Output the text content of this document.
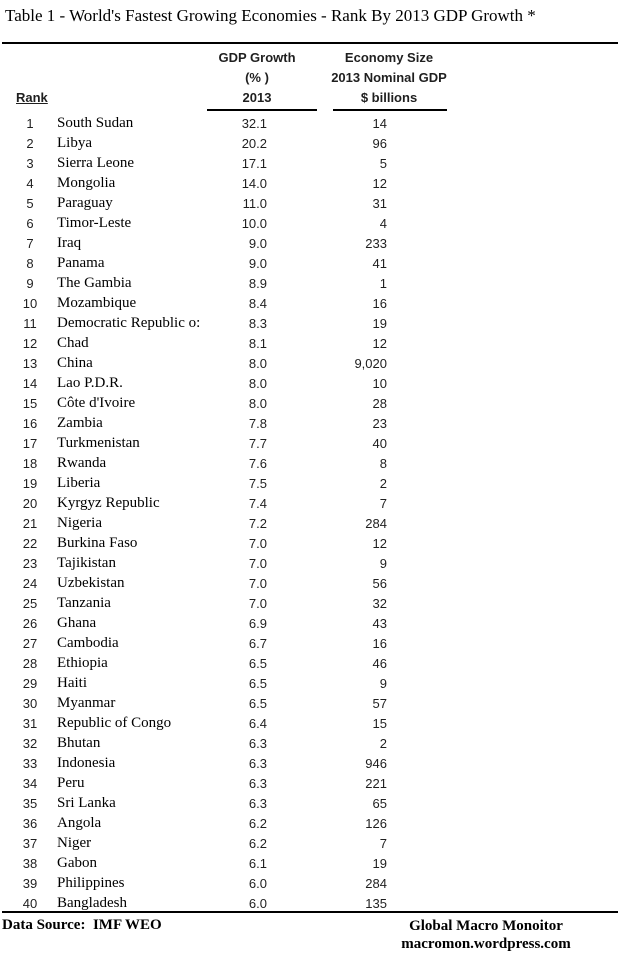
Table 1 - World's Fastest Growing Economies - Rank By 2013 GDP Growth *
GDP Growth
(% )
2013
Economy Size
2013 Nominal GDP
$ billions
Rank
1	South Sudan	32.1	14
2	Libya	20.2	96
3	Sierra Leone	17.1	5
4	Mongolia	14.0	12
5	Paraguay	11.0	31
6	Timor-Leste	10.0	4
7	Iraq	9.0	233
8	Panama	9.0	41
9	The Gambia	8.9	1
10	Mozambique	8.4	16
11	Democratic Republic o:	8.3	19
12	Chad	8.1	12
13	China	8.0	9,020
14	Lao P.D.R.	8.0	10
15	Côte d'Ivoire	8.0	28
16	Zambia	7.8	23
17	Turkmenistan	7.7	40
18	Rwanda	7.6	8
19	Liberia	7.5	2
20	Kyrgyz Republic	7.4	7
21	Nigeria	7.2	284
22	Burkina Faso	7.0	12
23	Tajikistan	7.0	9
24	Uzbekistan	7.0	56
25	Tanzania	7.0	32
26	Ghana	6.9	43
27	Cambodia	6.7	16
28	Ethiopia	6.5	46
29	Haiti	6.5	9
30	Myanmar	6.5	57
31	Republic of Congo	6.4	15
32	Bhutan	6.3	2
33	Indonesia	6.3	946
34	Peru	6.3	221
35	Sri Lanka	6.3	65
36	Angola	6.2	126
37	Niger	6.2	7
38	Gabon	6.1	19
39	Philippines	6.0	284
40	Bangladesh	6.0	135
Data Source:  IMF WEO	Global Macro Monoitor
macromon.wordpress.com
